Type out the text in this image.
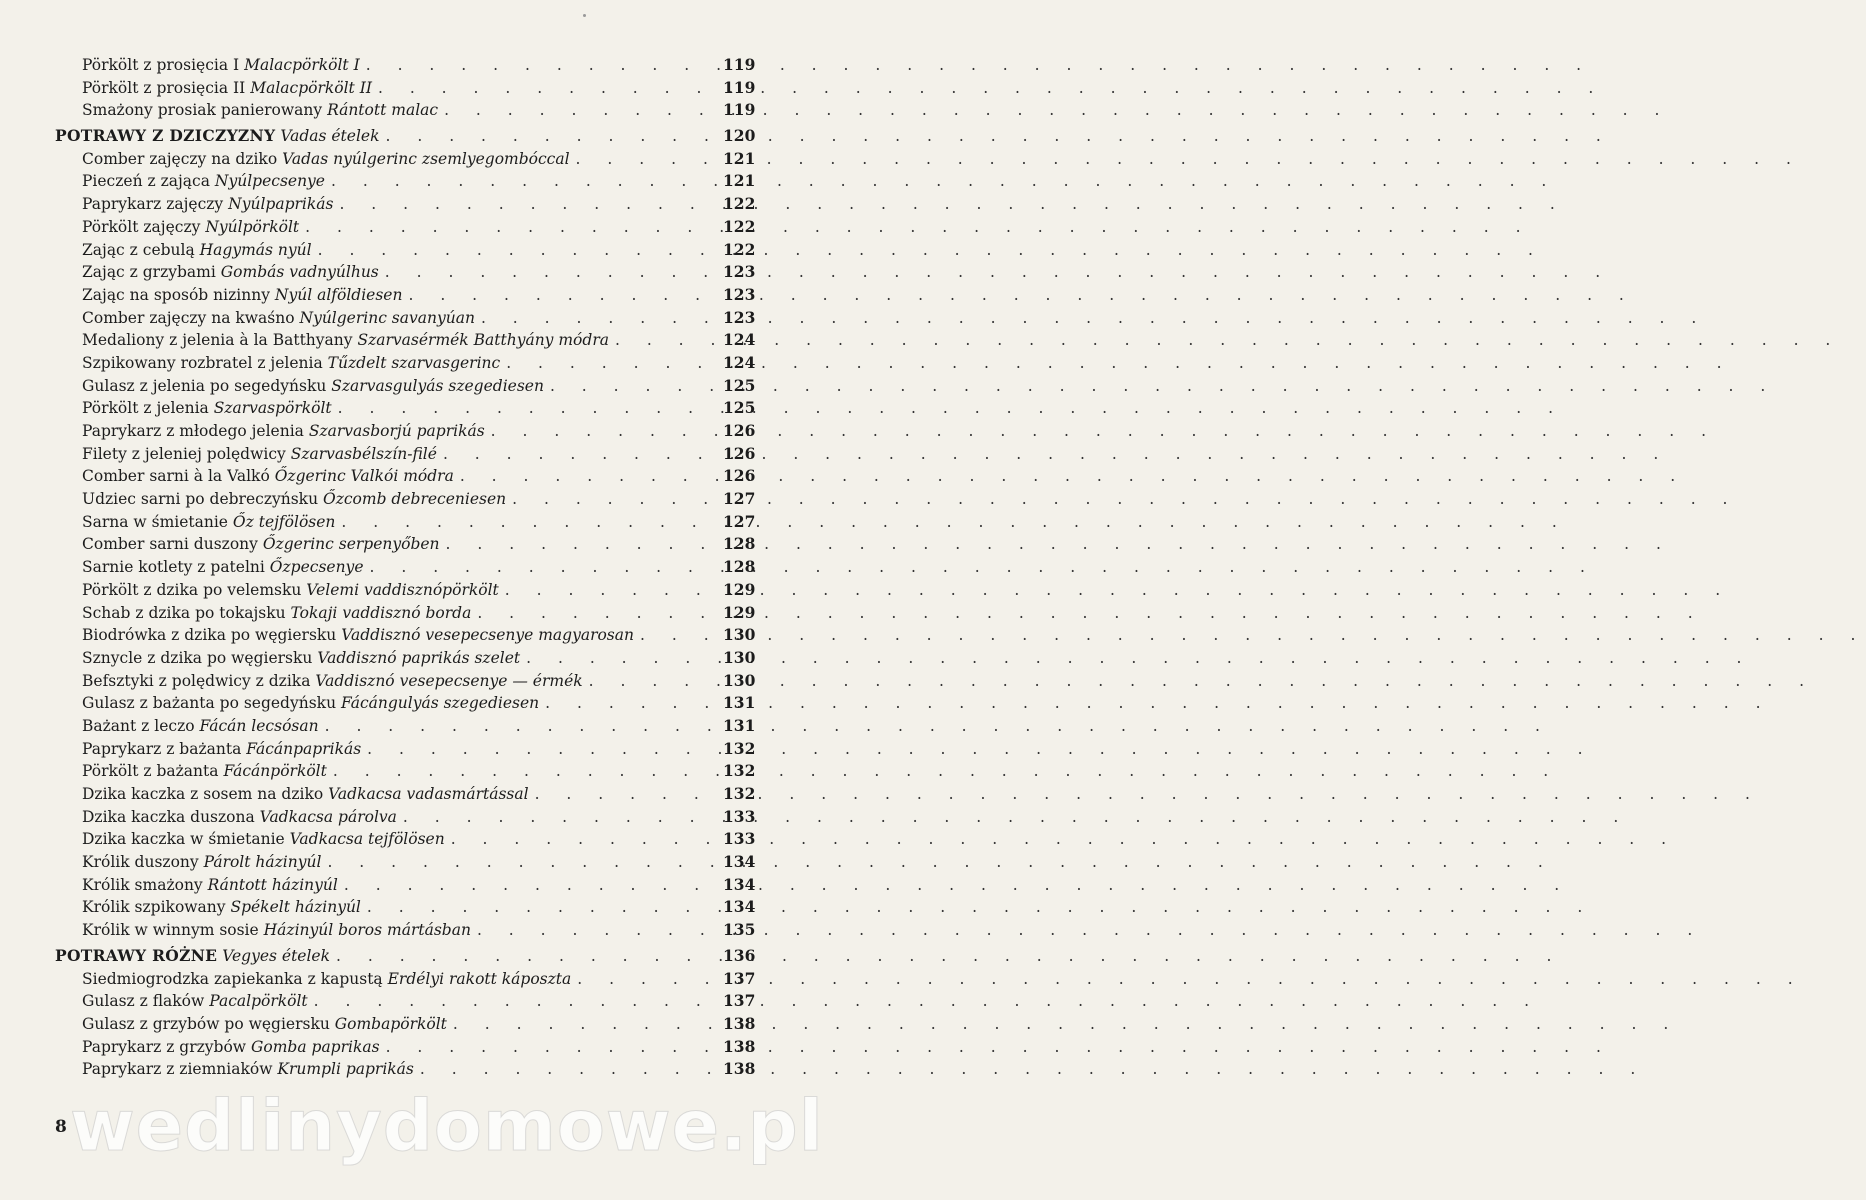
Pörkölt z prosięcia I Malacpörkölt I . . .	119
Pörkölt z prosięcia II Malacpörkölt II . . .	119
Smażony prosiak panierowany Rántott malac . . .	119
POTRAWY Z DZICZYZNY Vadas ételek . . .	120
Comber zajęczy na dziko Vadas nyúlgerinc zsemlyegombóccal . . .	121
Pieczeń z zająca Nyúlpecsenye . . .	121
Paprykarz zajęczy Nyúlpaprikás . . .	122
Pörkölt zajęczy Nyúlpörkölt . . .	122
Zając z cebulą Hagymás nyúl . . .	122
Zając z grzybami Gombás vadnyúlhus . . .	123
Zając na sposób nizinny Nyúl alföldiesen . . .	123
Comber zajęczy na kwaśno Nyúlgerinc savanyúan . . .	123
Medaliony z jelenia à la Batthyany Szarvasérmék Batthyány módra . . .	124
Szpikowany rozbratel z jelenia Tűzdelt szarvasgerinc . . .	124
Gulasz z jelenia po segedyńsku Szarvasgulyás szegediesen . . .	125
Pörkölt z jelenia Szarvaspörkölt . . .	125
Paprykarz z młodego jelenia Szarvasborjú paprikás . . .	126
Filety z jeleniej polędwicy Szarvasbélszín-filé . . .	126
Comber sarni à la Valkó Őzgerinc Valkói módra . . .	126
Udziec sarni po debreczyńsku Őzcomb debreceniesen . . .	127
Sarna w śmietanie Őz tejfölösen . . .	127
Comber sarni duszony Őzgerinc serpenyőben . . .	128
Sarnie kotlety z patelni Őzpecsenye . . .	128
Pörkölt z dzika po velemsku Velemi vaddisznópörkölt . . .	129
Schab z dzika po tokajsku Tokaji vaddisznó borda . . .	129
Biodrówka z dzika po węgiersku Vaddisznó vesepecsenye magyarosan . . .	130
Sznycle z dzika po węgiersku Vaddisznó paprikás szelet . . .	130
Befsztyki z polędwicy z dzika Vaddisznó vesepecsenye — érmék . . .	130
Gulasz z bażanta po segedyńsku Fácángulyás szegediesen . . .	131
Bażant z leczo Fácán lecsósan . . .	131
Paprykarz z bażanta Fácánpaprikás . . .	132
Pörkölt z bażanta Fácánpörkölt . . .	132
Dzika kaczka z sosem na dziko Vadkacsa vadasmártással . . .	132
Dzika kaczka duszona Vadkacsa párolva . . .	133
Dzika kaczka w śmietanie Vadkacsa tejfölösen . . .	133
Królik duszony Párolt házinyúl . . .	134
Królik smażony Rántott házinyúl . . .	134
Królik szpikowany Spékelt házinyúl . . .	134
Królik w winnym sosie Házinyúl boros mártásban . . .	135
POTRAWY RÓŻNE Vegyes ételek . . .	136
Siedmiogrodzka zapiekanka z kapustą Erdélyi rakott káposzta . . .	137
Gulasz z flaków Pacalpörkölt . . .	137
Gulasz z grzybów po węgiersku Gombapörkölt . . .	138
Paprykarz z grzybów Gomba paprikas . . .	138
Paprykarz z ziemniaków Krumpli paprikás . . .	138
8 wedlinydomowe.pl
